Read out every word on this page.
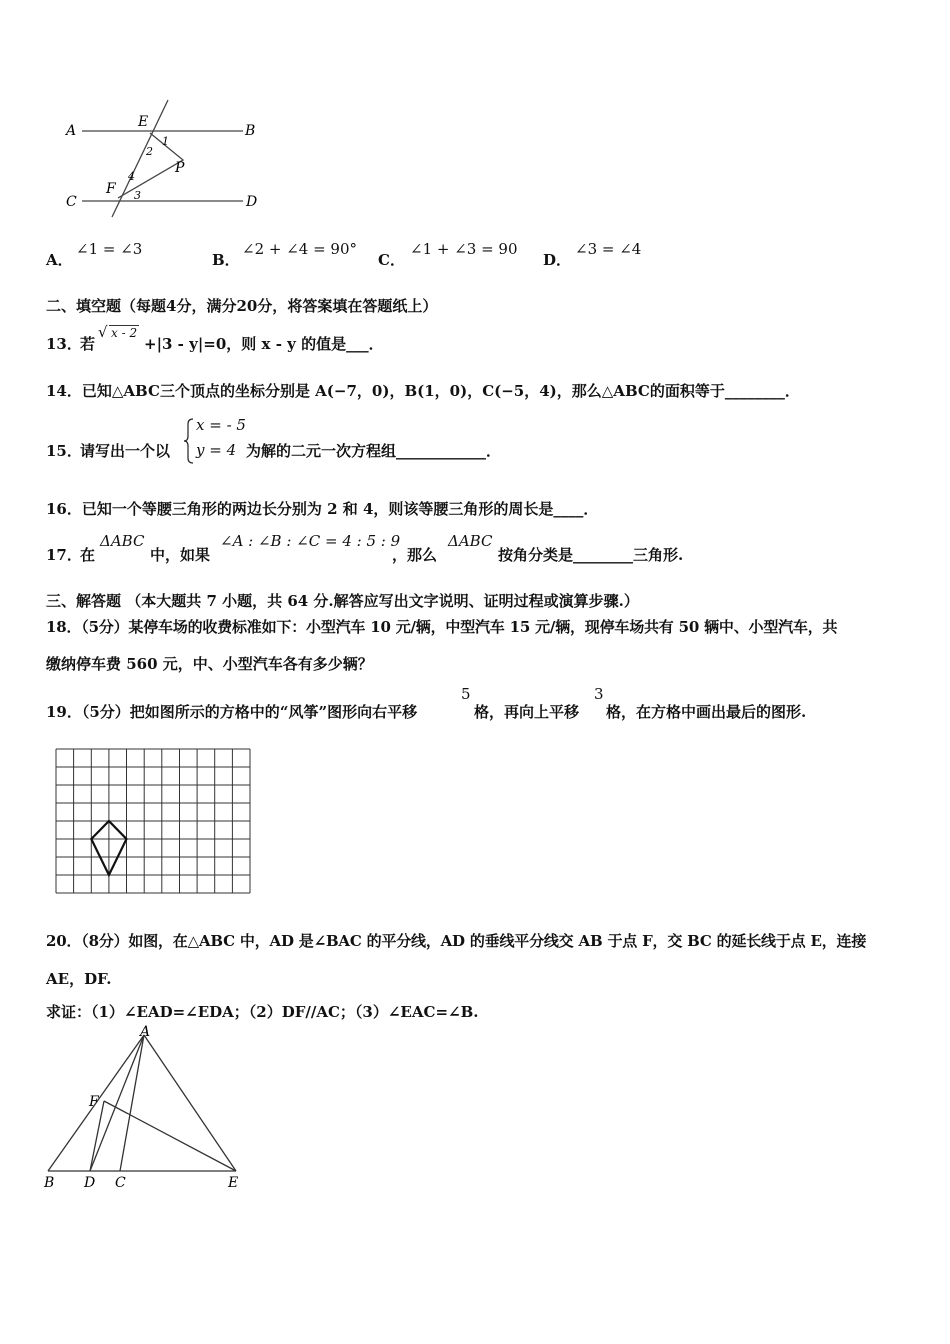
A
E
B
1
2
P
C
F
4
3	D
A．
∠1 = ∠3
B．
∠2 + ∠4 = 90°
C．
∠1 + ∠3 = 90
D．
∠3 = ∠4
二、填空题（每题4分，满分20分，将答案填在答题纸上）
13．
若
√ x - 2
+|3 - y|=0，则 x - y 的值是___．
14．已知△ABC三个顶点的坐标分别是 A(−7，0)，B(1，0)，C(−5，4)，那么△ABC的面积等于________．
15．
请写出一个以
x = - 5
y = 4 为解的二元一次方程组____________．
16．已知一个等腰三角形的两边长分别为 2 和 4，则该等腰三角形的周长是____．
17．
在
ΔABC
中，如果
∠A : ∠B : ∠C = 4 : 5 : 9
，那么
ΔABC
按角分类是________三角形.
三、解答题 （本大题共 7 小题，共 64 分.解答应写出文字说明、证明过程或演算步骤.）
18．（5分）某停车场的收费标准如下：小型汽车 10 元/辆，中型汽车 15 元/辆，现停车场共有 50 辆中、小型汽车，共
缴纳停车费 560 元，中、小型汽车各有多少辆？
19．（5分）把如图所示的方格中的“风筝”图形向右平移
5
格，再向上平移
3
格，在方格中画出最后的图形.
20．（8分）如图，在△ABC 中，AD 是∠BAC 的平分线，AD 的垂线平分线交 AB 于点 F，交 BC 的延长线于点 E，连接
AE，DF.
求证：（1）∠EAD=∠EDA；（2）DF//AC；（3）∠EAC=∠B.
A
F
B D C	E
